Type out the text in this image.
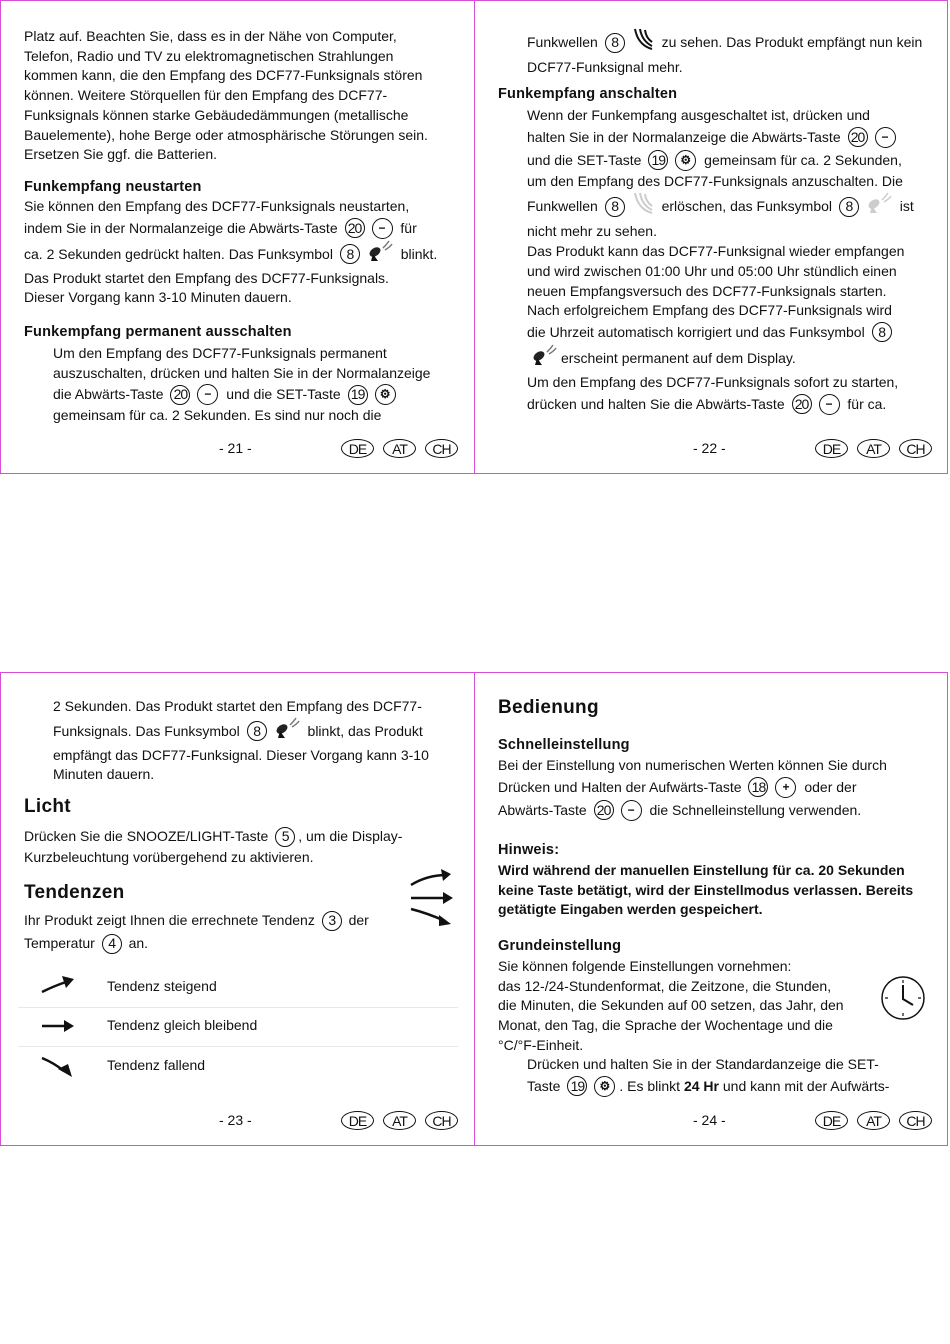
Platz auf. Beachten Sie, dass es in der Nähe von Computer,
Telefon, Radio und TV zu elektromagnetischen Strahlungen
kommen kann, die den Empfang des DCF77-Funksignals stören
können. Weitere Störquellen für den Empfang des DCF77-
Funksignals können starke Gebäudedämmungen (metallische
Bauelemente), hohe Berge oder atmosphärische Störungen sein.
Ersetzen Sie ggf. die Batterien.
Funkempfang neustarten
Sie können den Empfang des DCF77-Funksignals neustarten,
indem Sie in der Normalanzeige die Abwärts-Taste 20	− für
ca. 2 Sekunden gedrückt halten. Das Funksymbol 8	blinkt.
Das Produkt startet den Empfang des DCF77-Funksignals.
Dieser Vorgang kann 3-10 Minuten dauern.
Funkempfang permanent ausschalten
Um den Empfang des DCF77-Funksignals permanent
auszuschalten, drücken und halten Sie in der Normalanzeige
die Abwärts-Taste 20	− und die SET-Taste 19	⚙
gemeinsam für ca. 2 Sekunden. Es sind nur noch die
- 21 -	DE	AT	CH
Funkwellen 8	zu sehen. Das Produkt empfängt nun kein
DCF77-Funksignal mehr.
Funkempfang anschalten
Wenn der Funkempfang ausgeschaltet ist, drücken und
halten Sie in der Normalanzeige die Abwärts-Taste 20	−
und die SET-Taste 19	⚙ gemeinsam für ca. 2 Sekunden,
um den Empfang des DCF77-Funksignals anzuschalten. Die
Funkwellen 8	erlöschen, das Funksymbol 8	ist
nicht mehr zu sehen.
Das Produkt kann das DCF77-Funksignal wieder empfangen
und wird zwischen 01:00 Uhr und 05:00 Uhr stündlich einen
neuen Empfangsversuch des DCF77-Funksignals starten.
Nach erfolgreichem Empfang des DCF77-Funksignals wird
die Uhrzeit automatisch korrigiert und das Funksymbol 8
erscheint permanent auf dem Display.
Um den Empfang des DCF77-Funksignals sofort zu starten,
drücken und halten Sie die Abwärts-Taste 20	− für ca.
- 22 -	DE	AT	CH
2 Sekunden. Das Produkt startet den Empfang des DCF77-
Funksignals. Das Funksymbol 8	blinkt, das Produkt
empfängt das DCF77-Funksignal. Dieser Vorgang kann 3-10
Minuten dauern.
Licht
Drücken Sie die SNOOZE/LIGHT-Taste 5 , um die Display-
Kurzbeleuchtung vorübergehend zu aktivieren.
Tendenzen
Ihr Produkt zeigt Ihnen die errechnete Tendenz 3 der
Temperatur 4 an.
Tendenz steigend
Tendenz gleich bleibend
Tendenz fallend
- 23 -	DE	AT	CH
Bedienung
Schnelleinstellung
Bei der Einstellung von numerischen Werten können Sie durch
Drücken und Halten der Aufwärts-Taste 18	+ oder der
Abwärts-Taste 20	− die Schnelleinstellung verwenden.
Hinweis:
Wird während der manuellen Einstellung für ca. 20 Sekunden
keine Taste betätigt, wird der Einstellmodus verlassen. Bereits
getätigte Eingaben werden gespeichert.
Grundeinstellung
Sie können folgende Einstellungen vornehmen:
das 12-/24-Stundenformat, die Zeitzone, die Stunden,
die Minuten, die Sekunden auf 00 setzen, das Jahr, den
Monat, den Tag, die Sprache der Wochentage und die
°C/°F-Einheit.
Drücken und halten Sie in der Standardanzeige die SET-
Taste 19	⚙ . Es blinkt 24 Hr und kann mit der Aufwärts-
- 24 -	DE	AT	CH
